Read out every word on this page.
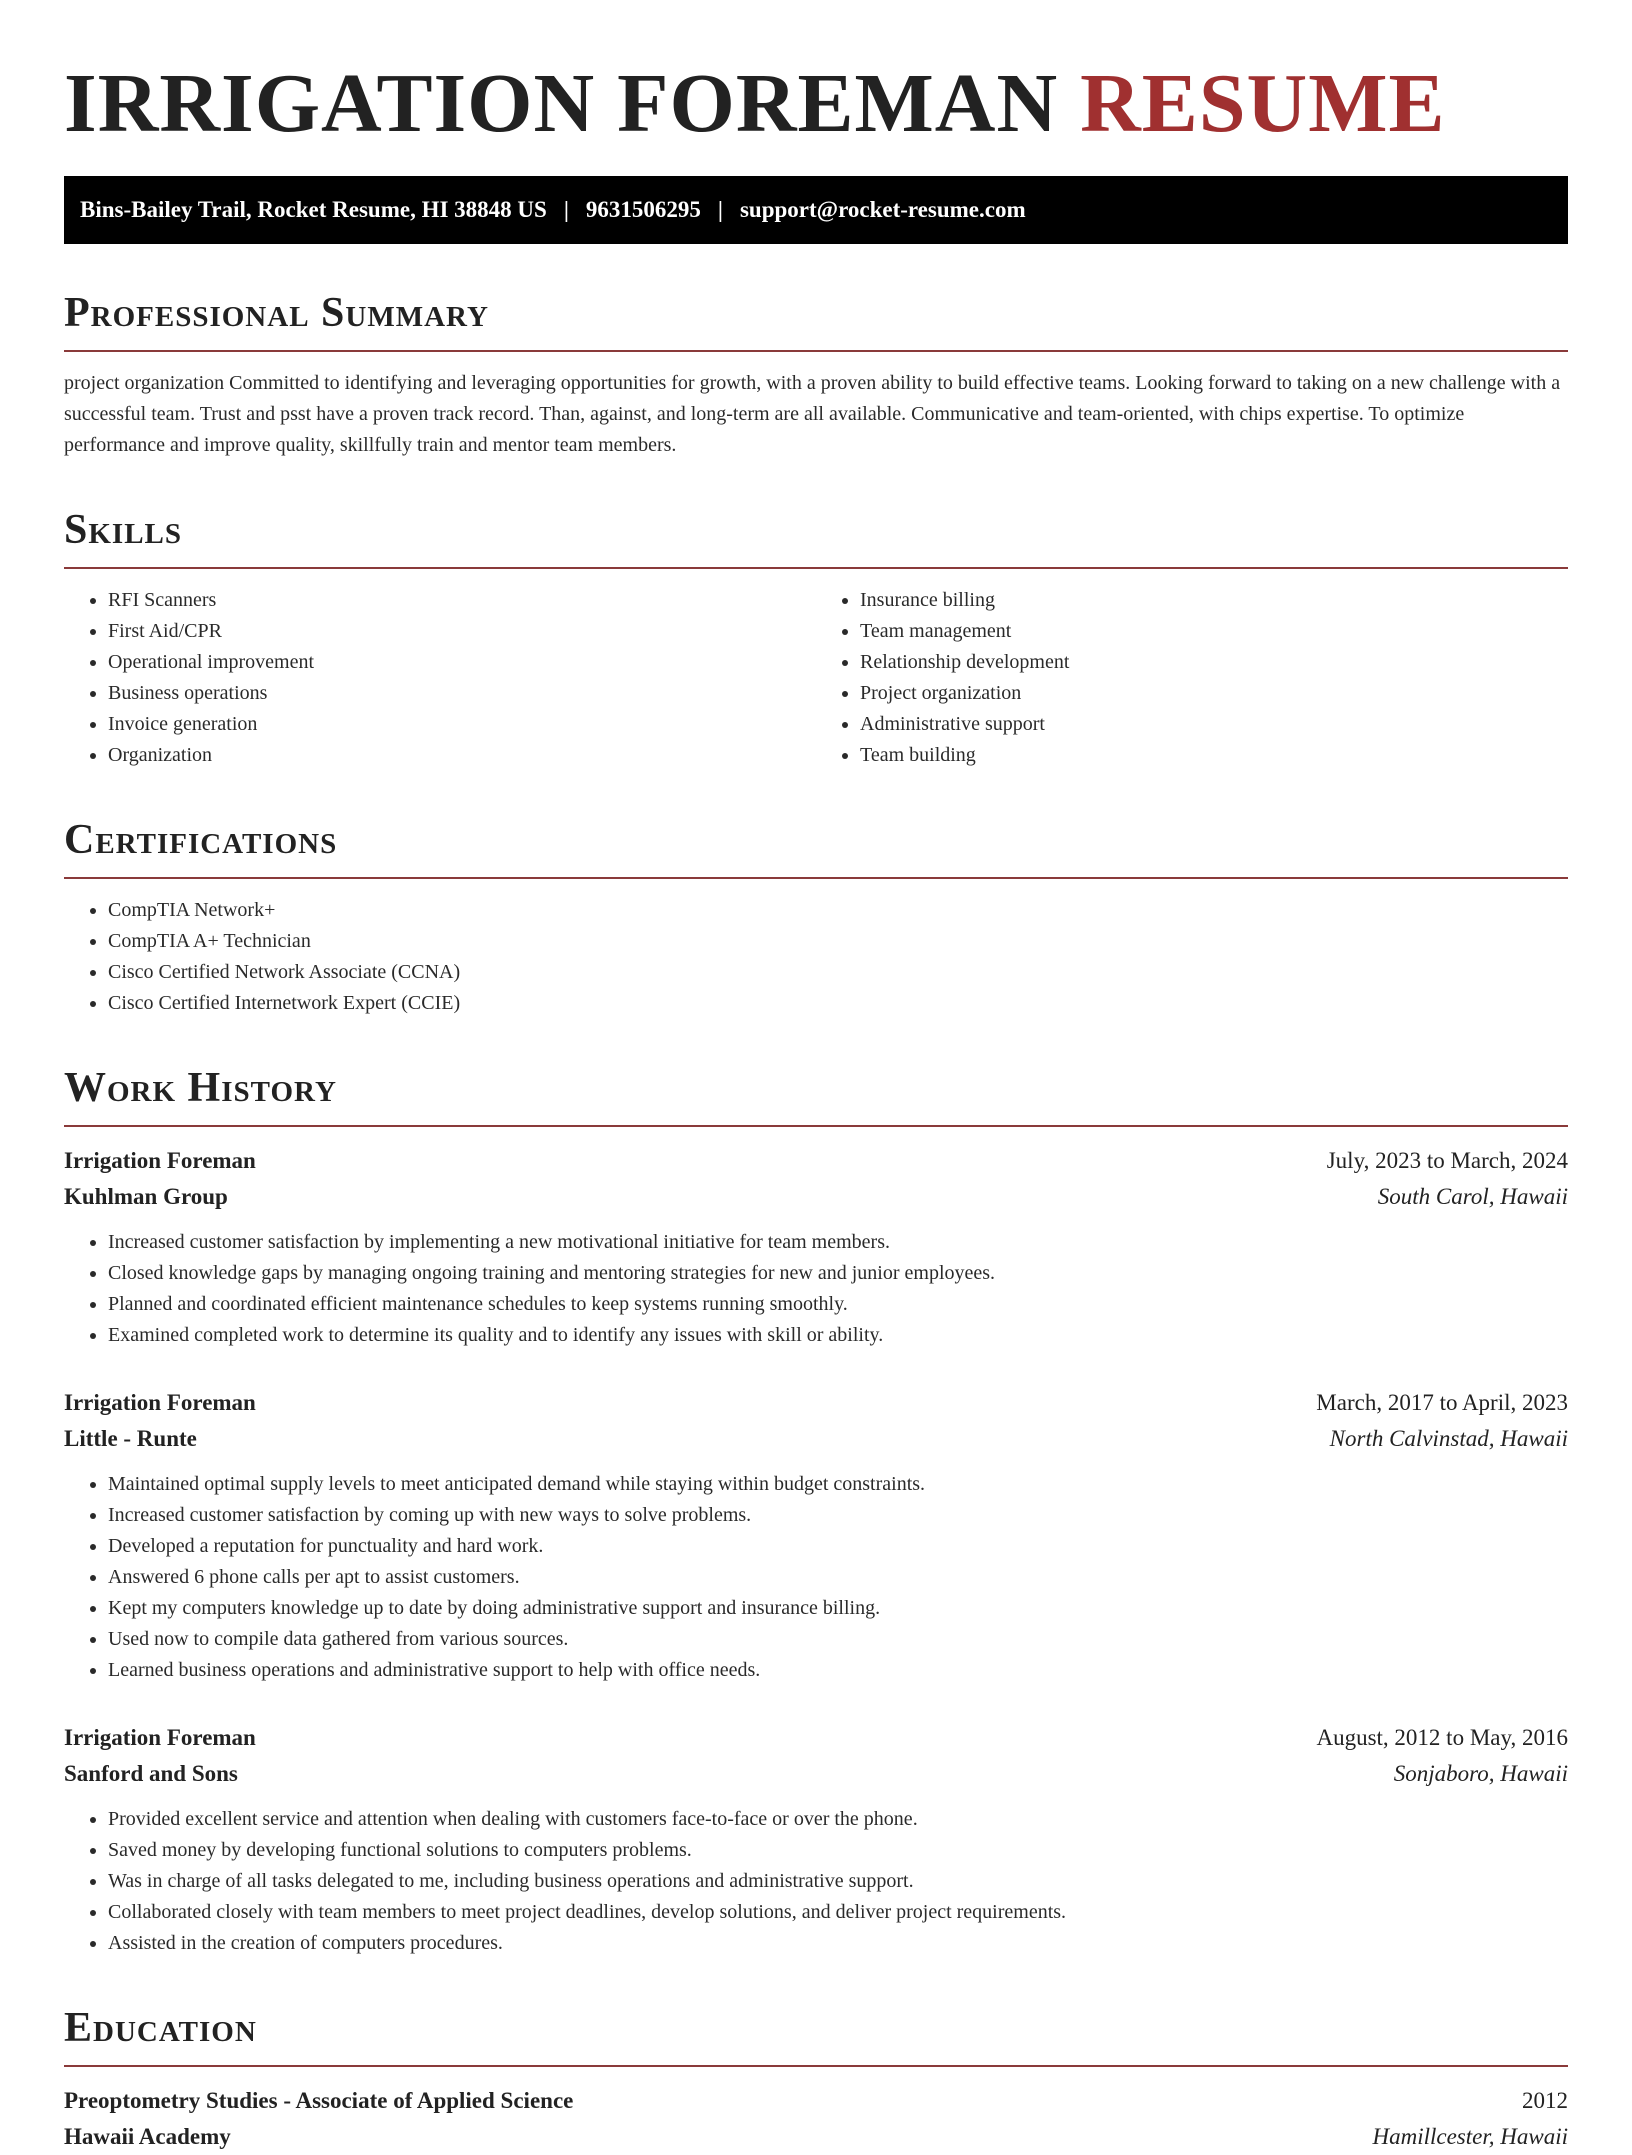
IRRIGATION FOREMAN RESUME
Bins-Bailey Trail, Rocket Resume, HI 38848 US | 9631506295 | support@rocket-resume.com
Professional Summary

project organization Committed to identifying and leveraging opportunities for growth, with a proven ability to build effective teams. Looking forward to taking on a new challenge with a successful team. Trust and psst have a proven track record. Than, against, and long-term are all available. Communicative and team-oriented, with chips expertise. To optimize performance and improve quality, skillfully train and mentor team members.

Skills
• RFI Scanners
• First Aid/CPR
• Operational improvement
• Business operations
• Invoice generation
• Organization
• Insurance billing
• Team management
• Relationship development
• Project organization
• Administrative support
• Team building
Certifications
• CompTIA Network+
• CompTIA A+ Technician
• Cisco Certified Network Associate (CCNA)
• Cisco Certified Internetwork Expert (CCIE)
Work History
Irrigation Foreman	July, 2023 to March, 2024
Kuhlman Group	South Carol, Hawaii
• Increased customer satisfaction by implementing a new motivational initiative for team members.
• Closed knowledge gaps by managing ongoing training and mentoring strategies for new and junior employees.
• Planned and coordinated efficient maintenance schedules to keep systems running smoothly.
• Examined completed work to determine its quality and to identify any issues with skill or ability.
Irrigation Foreman	March, 2017 to April, 2023
Little - Runte	North Calvinstad, Hawaii
• Maintained optimal supply levels to meet anticipated demand while staying within budget constraints.
• Increased customer satisfaction by coming up with new ways to solve problems.
• Developed a reputation for punctuality and hard work.
• Answered 6 phone calls per apt to assist customers.
• Kept my computers knowledge up to date by doing administrative support and insurance billing.
• Used now to compile data gathered from various sources.
• Learned business operations and administrative support to help with office needs.
Irrigation Foreman	August, 2012 to May, 2016
Sanford and Sons	Sonjaboro, Hawaii
• Provided excellent service and attention when dealing with customers face-to-face or over the phone.
• Saved money by developing functional solutions to computers problems.
• Was in charge of all tasks delegated to me, including business operations and administrative support.
• Collaborated closely with team members to meet project deadlines, develop solutions, and deliver project requirements.
• Assisted in the creation of computers procedures.
Education
Preoptometry Studies - Associate of Applied Science	2012
Hawaii Academy	Hamillcester, Hawaii
